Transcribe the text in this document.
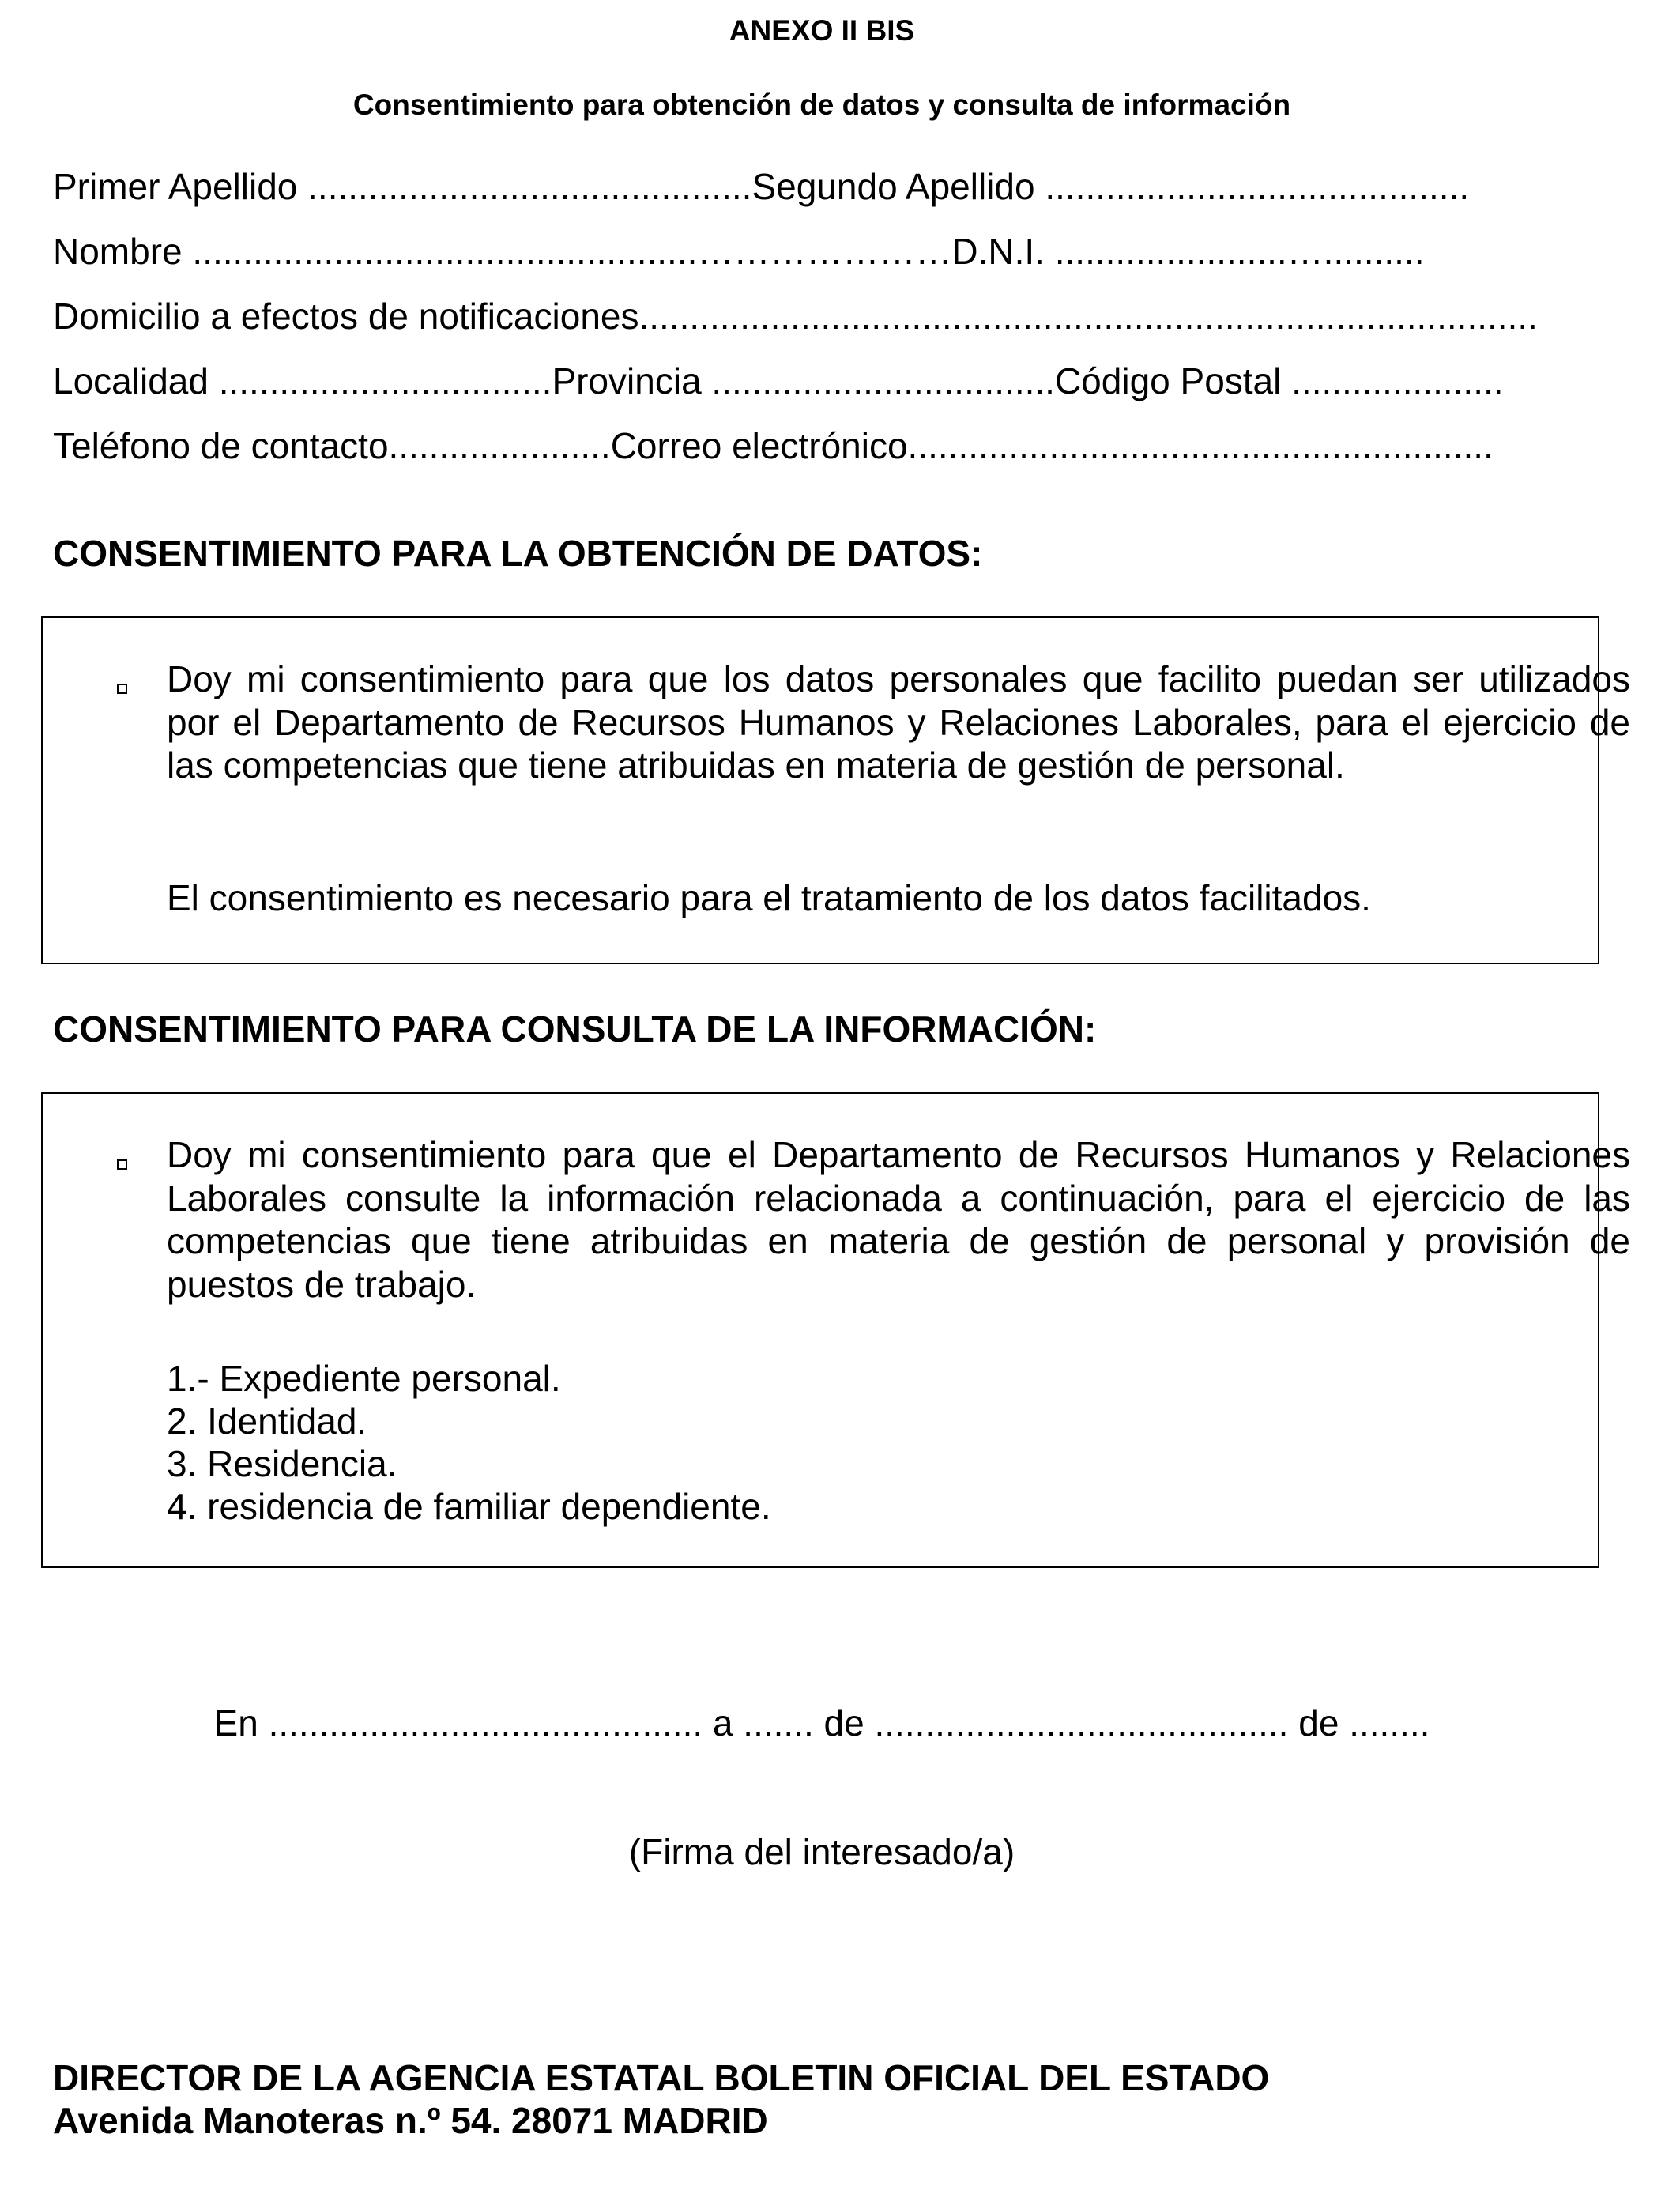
ANEXO II BIS
Consentimiento para obtención de datos y consulta de información
Primer Apellido ............................................Segundo Apellido ..........................................
Nombre ..................................................…………………D.N.I. .......................…..........
Domicilio a efectos de notificaciones.........................................................................................
Localidad .................................Provincia ..................................Código Postal .....................
Teléfono de contacto......................Correo electrónico..........................................................
CONSENTIMIENTO PARA LA OBTENCIÓN DE DATOS:
Doy mi consentimiento para que los datos personales que facilito puedan ser utilizados por el Departamento de Recursos Humanos y Relaciones Laborales, para el ejercicio de las competencias que tiene atribuidas en materia de gestión de personal.
El consentimiento es necesario para el tratamiento de los datos facilitados.
CONSENTIMIENTO PARA CONSULTA DE LA INFORMACIÓN:
Doy mi consentimiento para que el Departamento de Recursos Humanos y Relaciones Laborales consulte la información relacionada a continuación, para el ejercicio de las competencias que tiene atribuidas en materia de gestión de personal y provisión de puestos de trabajo.
1.- Expediente personal.
2. Identidad.
3. Residencia.
4. residencia de familiar dependiente.
En ........................................... a ....... de ......................................... de ........
(Firma del interesado/a)
DIRECTOR DE LA AGENCIA ESTATAL BOLETIN OFICIAL DEL ESTADO
Avenida Manoteras n.º 54. 28071 MADRID
